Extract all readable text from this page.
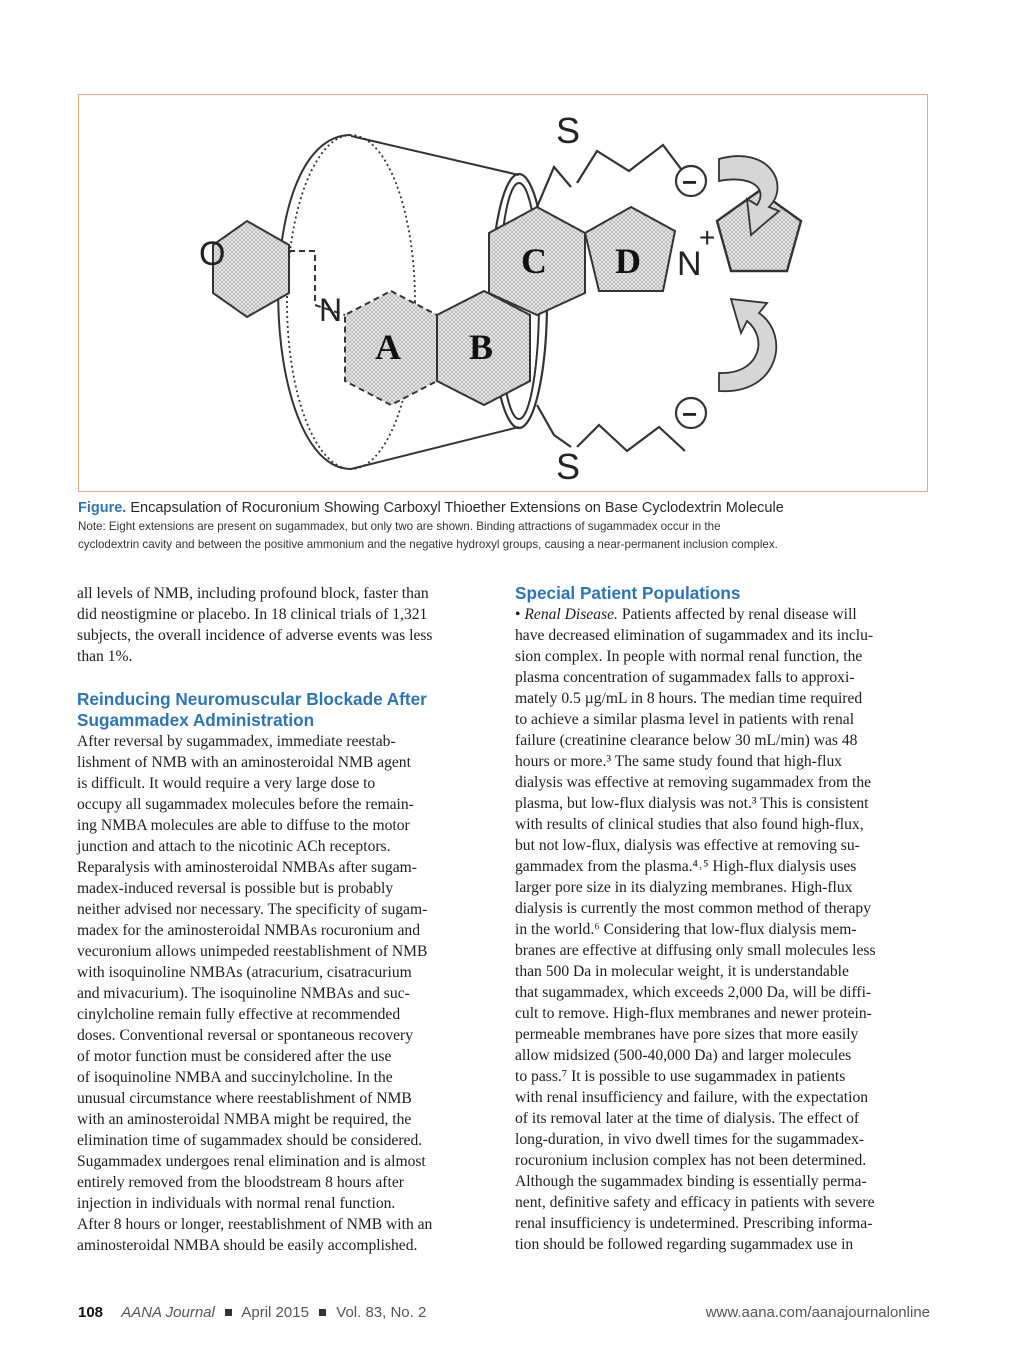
S
S
O
N
N
+
−
−
A B
C D
Figure. Encapsulation of Rocuronium Showing Carboxyl Thioether Extensions on Base Cyclodextrin Molecule
Note: Eight extensions are present on sugammadex, but only two are shown. Binding attractions of sugammadex occur in the
cyclodextrin cavity and between the positive ammonium and the negative hydroxyl groups, causing a near-permanent inclusion complex.

all levels of NMB, including profound block, faster than

did neostigmine or placebo. In 18 clinical trials of 1,321

subjects, the overall incidence of adverse events was less

than 1%.

Reinducing Neuromuscular Blockade After
Sugammadex Administration

After reversal by sugammadex, immediate reestab-

lishment of NMB with an aminosteroidal NMB agent

is difficult. It would require a very large dose to

occupy all sugammadex molecules before the remain-

ing NMBA molecules are able to diffuse to the motor

junction and attach to the nicotinic ACh receptors.

Reparalysis with aminosteroidal NMBAs after sugam-

madex-induced reversal is possible but is probably

neither advised nor necessary. The specificity of sugam-

madex for the aminosteroidal NMBAs rocuronium and

vecuronium allows unimpeded reestablishment of NMB

with isoquinoline NMBAs (atracurium, cisatracurium

and mivacurium). The isoquinoline NMBAs and suc-

cinylcholine remain fully effective at recommended

doses. Conventional reversal or spontaneous recovery

of motor function must be considered after the use

of isoquinoline NMBA and succinylcholine. In the

unusual circumstance where reestablishment of NMB

with an aminosteroidal NMBA might be required, the

elimination time of sugammadex should be considered.

Sugammadex undergoes renal elimination and is almost

entirely removed from the bloodstream 8 hours after

injection in individuals with normal renal function.

After 8 hours or longer, reestablishment of NMB with an

aminosteroidal NMBA should be easily accomplished.

Special Patient Populations

• Renal Disease. Patients affected by renal disease will

have decreased elimination of sugammadex and its inclu-

sion complex. In people with normal renal function, the

plasma concentration of sugammadex falls to approxi-

mately 0.5 µg/mL in 8 hours. The median time required

to achieve a similar plasma level in patients with renal

failure (creatinine clearance below 30 mL/min) was 48

hours or more.³ The same study found that high-flux

dialysis was effective at removing sugammadex from the

plasma, but low-flux dialysis was not.³ This is consistent

with results of clinical studies that also found high-flux,

but not low-flux, dialysis was effective at removing su-

gammadex from the plasma.⁴˒⁵ High-flux dialysis uses

larger pore size in its dialyzing membranes. High-flux

dialysis is currently the most common method of therapy

in the world.⁶ Considering that low-flux dialysis mem-

branes are effective at diffusing only small molecules less

than 500 Da in molecular weight, it is understandable

that sugammadex, which exceeds 2,000 Da, will be diffi-

cult to remove. High-flux membranes and newer protein-

permeable membranes have pore sizes that more easily

allow midsized (500-40,000 Da) and larger molecules

to pass.⁷ It is possible to use sugammadex in patients

with renal insufficiency and failure, with the expectation

of its removal later at the time of dialysis. The effect of

long-duration, in vivo dwell times for the sugammadex-

rocuronium inclusion complex has not been determined.

Although the sugammadex binding is essentially perma-

nent, definitive safety and efficacy in patients with severe

renal insufficiency is undetermined. Prescribing informa-

tion should be followed regarding sugammadex use in

108 AANA Journal April 2015 Vol. 83, No. 2	www.aana.com/aanajournalonline
